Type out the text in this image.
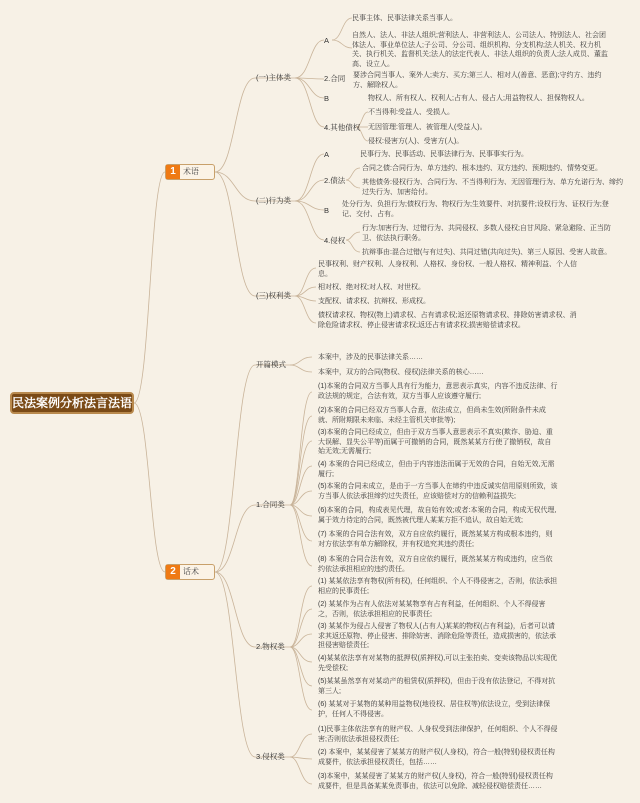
民法案例分析法言法语
1 术语
2 话术
(一)主体类
A
民事主体、民事法律关系当事人。
自然人、法人、非法人组织;营利法人、非营利法人、公司法人、特别法人、社会团体法人、事业单位法人;子公司、分公司、组织机构、分支机构;法人机关、权力机关、执行机关、监督机关;法人的法定代表人、非法人组织的负责人;法人成员、董监高、设立人。
2.合同 要涉合同当事人、案外人;卖方、买方;第三人、相对人(善意、恶意);守约方、违约方、解除权人。
B	物权人、所有权人、权利人;占有人、侵占人;用益物权人、担保物权人。
4.其他债权
不当得利:受益人、受损人。
无因管理:管理人、被管理人(受益人)。
侵权:侵害方(人)、受害方(人)。
(二)行为类
A	民事行为、民事活动、民事法律行为、民事事实行为。
2.债法
合同之债:合同行为、单方违约、根本违约、双方违约、预期违约、情势变更。
其他债务:侵权行为、合同行为、不当得利行为、无因管理行为、单方允诺行为、缔约过失行为、加害给付。
B
处分行为、负担行为;债权行为、物权行为;生效要件、对抗要件;设权行为、证权行为;登记、交付、占有。
4.侵权
行为:加害行为、过错行为、共同侵权、多数人侵权;自甘风险、紧急避险、正当防卫、依法执行职务。
抗辩事由:混合过错(与有过失)、共同过错(共向过失)、第三人原因、受害人故意。
(三)权利类
民事权利、财产权利、人身权利、人格权、身份权、一般人格权、精神利益、个人信息。
相对权、绝对权;对人权、对世权。
支配权、请求权、抗辩权、形成权。
债权请求权、物权(物上)请求权、占有请求权;返还原物请求权、排除妨害请求权、消除危险请求权、停止侵害请求权;返还占有请求权;损害赔偿请求权。
开篇模式
本案中，涉及的民事法律关系……
本案中，双方的合同(物权、侵权)法律关系的核心……
1.合同类
(1)本案的合同双方当事人具有行为能力，意思表示真实，内容不违反法律、行政法规的规定，合法有效，双方当事人应该遵守履行;
(2)本案的合同已经双方当事人合意，依法成立，但尚未生效(所附条件未成就、所附期限未来临、未经主管机关审批等);
(3)本案的合同已经成立，但由于双方当事人意思表示不真实(欺诈、胁迫、重大误解、显失公平等)而属于可撤销的合同，既然某某方行使了撤销权，故自始无效;无需履行;
(4) 本案的合同已经成立，但由于内容违法而属于无效的合同，自始无效,无需履行;
(5)本案的合同未成立，是由于一方当事人在缔约中违反诚实信用原则所致，该方当事人依法承担缔约过失责任，应该赔偿对方的信赖利益损失;
(6)本案的合同，构成表见代理，故自始有效;或者:本案的合同，构成无权代理,属于效力待定的合同，既然被代理人某某方拒不追认，故自始无效;
(7) 本案的合同合法有效，双方自应依约履行，既然某某方构成根本违约，则对方依法享有单方解除权，并有权追究其违约责任;
(8) 本案的合同合法有效，双方自应依约履行，既然某某方构成违约，应当依约依法承担相应的违约责任。
2.物权类
(1) 某某依法享有物权(所有权)，任何组织、个人不得侵害之，否则，依法承担相应的民事责任;
(2) 某某作为占有人依法对某某物享有占有利益，任何组织、个人不得侵害之，否则，依法承担相应的民事责任;
(3) 某某作为侵占人侵害了物权人(占有人)某某的物权(占有利益)，后者可以请求其返还原物、停止侵害、排除妨害、消除危险等责任，造成损害的，依法承担侵害赔偿责任;
(4)某某依法享有对某物的抵押权(质押权),可以主张拍卖、变卖该物品以实现优先受偿权;
(5)某某虽然享有对某动产的租赁权(质押权)，但由于没有依法登记，不得对抗第三人;
(6) 某某对于某物的某种用益物权(地役权、居住权等)依法设立，受到法律保护，任何人不得侵害。
3.侵权类
(1)民事主体依法享有的财产权、人身权受到法律保护，任何组织、个人不得侵害;否则依法承担侵权责任;
(2) 本案中，某某侵害了某某方的财产权(人身权)，符合一般(特别)侵权责任构成要件，依法承担侵权责任，包括……
(3)本案中，某某侵害了某某方的财产权(人身权)，符合一般(特别)侵权责任构成要件，但是具备某某免责事由，依法可以免除、减轻侵权赔偿责任……
